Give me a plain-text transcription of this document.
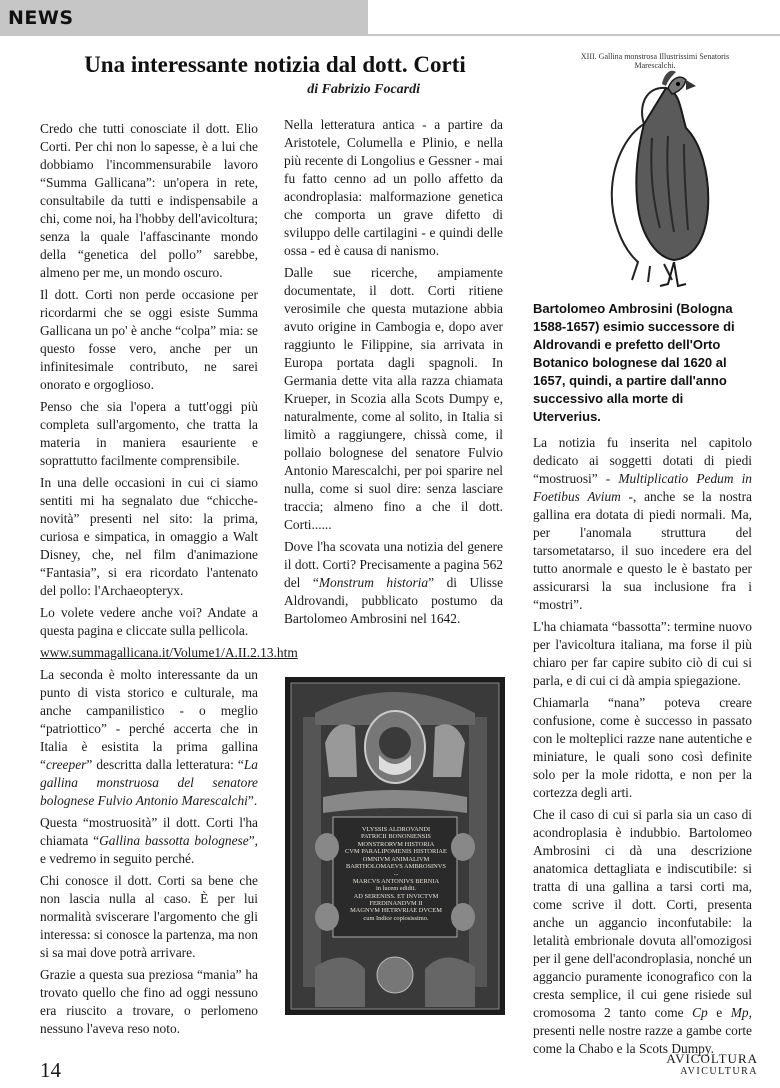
NEWS
Una interessante notizia dal dott. Corti
di Fabrizio Focardi

Credo che tutti conosciate il dott. Elio Corti. Per chi non lo sapesse, è a lui che dobbiamo l'incommensurabile lavoro “Summa Gallicana”: un'opera in rete, consultabile da tutti e indispensabile a chi, come noi, ha l'hobby dell'avicoltura; senza la quale l'affascinante mondo della “genetica del pollo” sarebbe, almeno per me, un mondo oscuro.

Il dott. Corti non perde occasione per ricordarmi che se oggi esiste Summa Gallicana un po' è anche “colpa” mia: se questo fosse vero, anche per un infinitesimale contributo, ne sarei onorato e orgoglioso.

Penso che sia l'opera a tutt'oggi più completa sull'argomento, che tratta la materia in maniera esauriente e soprattutto facilmente comprensibile.

In una delle occasioni in cui ci siamo sentiti mi ha segnalato due “chicche-novità” presenti nel sito: la prima, curiosa e simpatica, in omaggio a Walt Disney, che, nel film d'animazione “Fantasia”, si era ricordato l'antenato del pollo: l'Archaeopteryx.

Lo volete vedere anche voi? Andate a questa pagina e cliccate sulla pellicola.

www.summagallicana.it/Volume1/A.II.2.13.htm

La seconda è molto interessante da un punto di vista storico e culturale, ma anche campanilistico - o meglio “patriottico” - perché accerta che in Italia è esistita la prima gallina “creeper” descritta dalla letteratura: “La gallina monstruosa del senatore bolognese Fulvio Antonio Marescalchi”.

Questa “mostruosità” il dott. Corti l'ha chiamata “Gallina bassotta bolognese”, e vedremo in seguito perché.

Chi conosce il dott. Corti sa bene che non lascia nulla al caso. È per lui normalità sviscerare l'argomento che gli interessa: si conosce la partenza, ma non si sa mai dove potrà arrivare.

Grazie a questa sua preziosa “mania” ha trovato quello che fino ad oggi nessuno era riuscito a trovare, o perlomeno nessuno l'aveva reso noto.

Nella letteratura antica - a partire da Aristotele, Columella e Plinio, e nella più recente di Longolius e Gessner - mai fu fatto cenno ad un pollo affetto da acondroplasia: malformazione genetica che comporta un grave difetto di sviluppo delle cartilagini - e quindi delle ossa - ed è causa di nanismo.

Dalle sue ricerche, ampiamente documentate, il dott. Corti ritiene verosimile che questa mutazione abbia avuto origine in Cambogia e, dopo aver raggiunto le Filippine, sia arrivata in Europa portata dagli spagnoli. In Germania dette vita alla razza chiamata Krueper, in Scozia alla Scots Dumpy e, naturalmente, come al solito, in Italia si limitò a raggiungere, chissà come, il pollaio bolognese del senatore Fulvio Antonio Marescalchi, per poi sparire nel nulla, come si suol dire: senza lasciare traccia; almeno fino a che il dott. Corti......

Dove l'ha scovata una notizia del genere il dott. Corti? Precisamente a pagina 562 del “Monstrum historia” di Ulisse Aldrovandi, pubblicato postumo da Bartolomeo Ambrosini nel 1642.

XIII. Gallina monstrosa Illustrissimi Senatoris
Marescalchi.
Bartolomeo Ambrosini (Bologna 1588-1657) esimio successore di Aldrovandi e prefetto dell'Orto Botanico bolognese dal 1620 al 1657, quindi, a partire dall'anno successivo alla morte di Uterverius.

La notizia fu inserita nel capitolo dedicato ai soggetti dotati di piedi “mostruosi” - Multiplicatio Pedum in Foetibus Avium -, anche se la nostra gallina era dotata di piedi normali. Ma, per l'anomala struttura del tarsometatarso, il suo incedere era del tutto anormale e questo le è bastato per assicurarsi la sua inclusione fra i “mostri”.

L'ha chiamata “bassotta”: termine nuovo per l'avicoltura italiana, ma forse il più chiaro per far capire subito ciò di cui si parla, e di cui ci dà ampia spiegazione.

Chiamarla “nana” poteva creare confusione, come è successo in passato con le molteplici razze nane autentiche e miniature, le quali sono così definite solo per la mole ridotta, e non per la cortezza degli arti.

Che il caso di cui si parla sia un caso di acondroplasia è indubbio. Bartolomeo Ambrosini ci dà una descrizione anatomica dettagliata e indiscutibile: si tratta di una gallina a tarsi corti ma, come scrive il dott. Corti, presenta anche un aggancio inconfutabile: la letalità embrionale dovuta all'omozigosi per il gene dell'acondroplasia, nonché un aggancio puramente iconografico con la cresta semplice, il cui gene risiede sul cromosoma 2 tanto come Cp e Mp, presenti nelle nostre razze a gambe corte come la Chabo e la Scots Dumpy.

VLYSSIS ALDROVANDI
PATRICII BONONIENSIS
MONSTRORVM HISTORIA
CVM PARALIPOMENIS HISTORIAE
OMNIVM ANIMALIVM
BARTHOLOMAEVS AMBROSINVS
...
MARCVS ANTONIVS BERNIA
in lucem edidit.
AD SERENISS. ET INVICTVM
FERDINANDVM II
MAGNVM HETRVRIAE DVCEM
cum Indice copiosissimo.
14	AVICOLTURA
AVICULTURA
